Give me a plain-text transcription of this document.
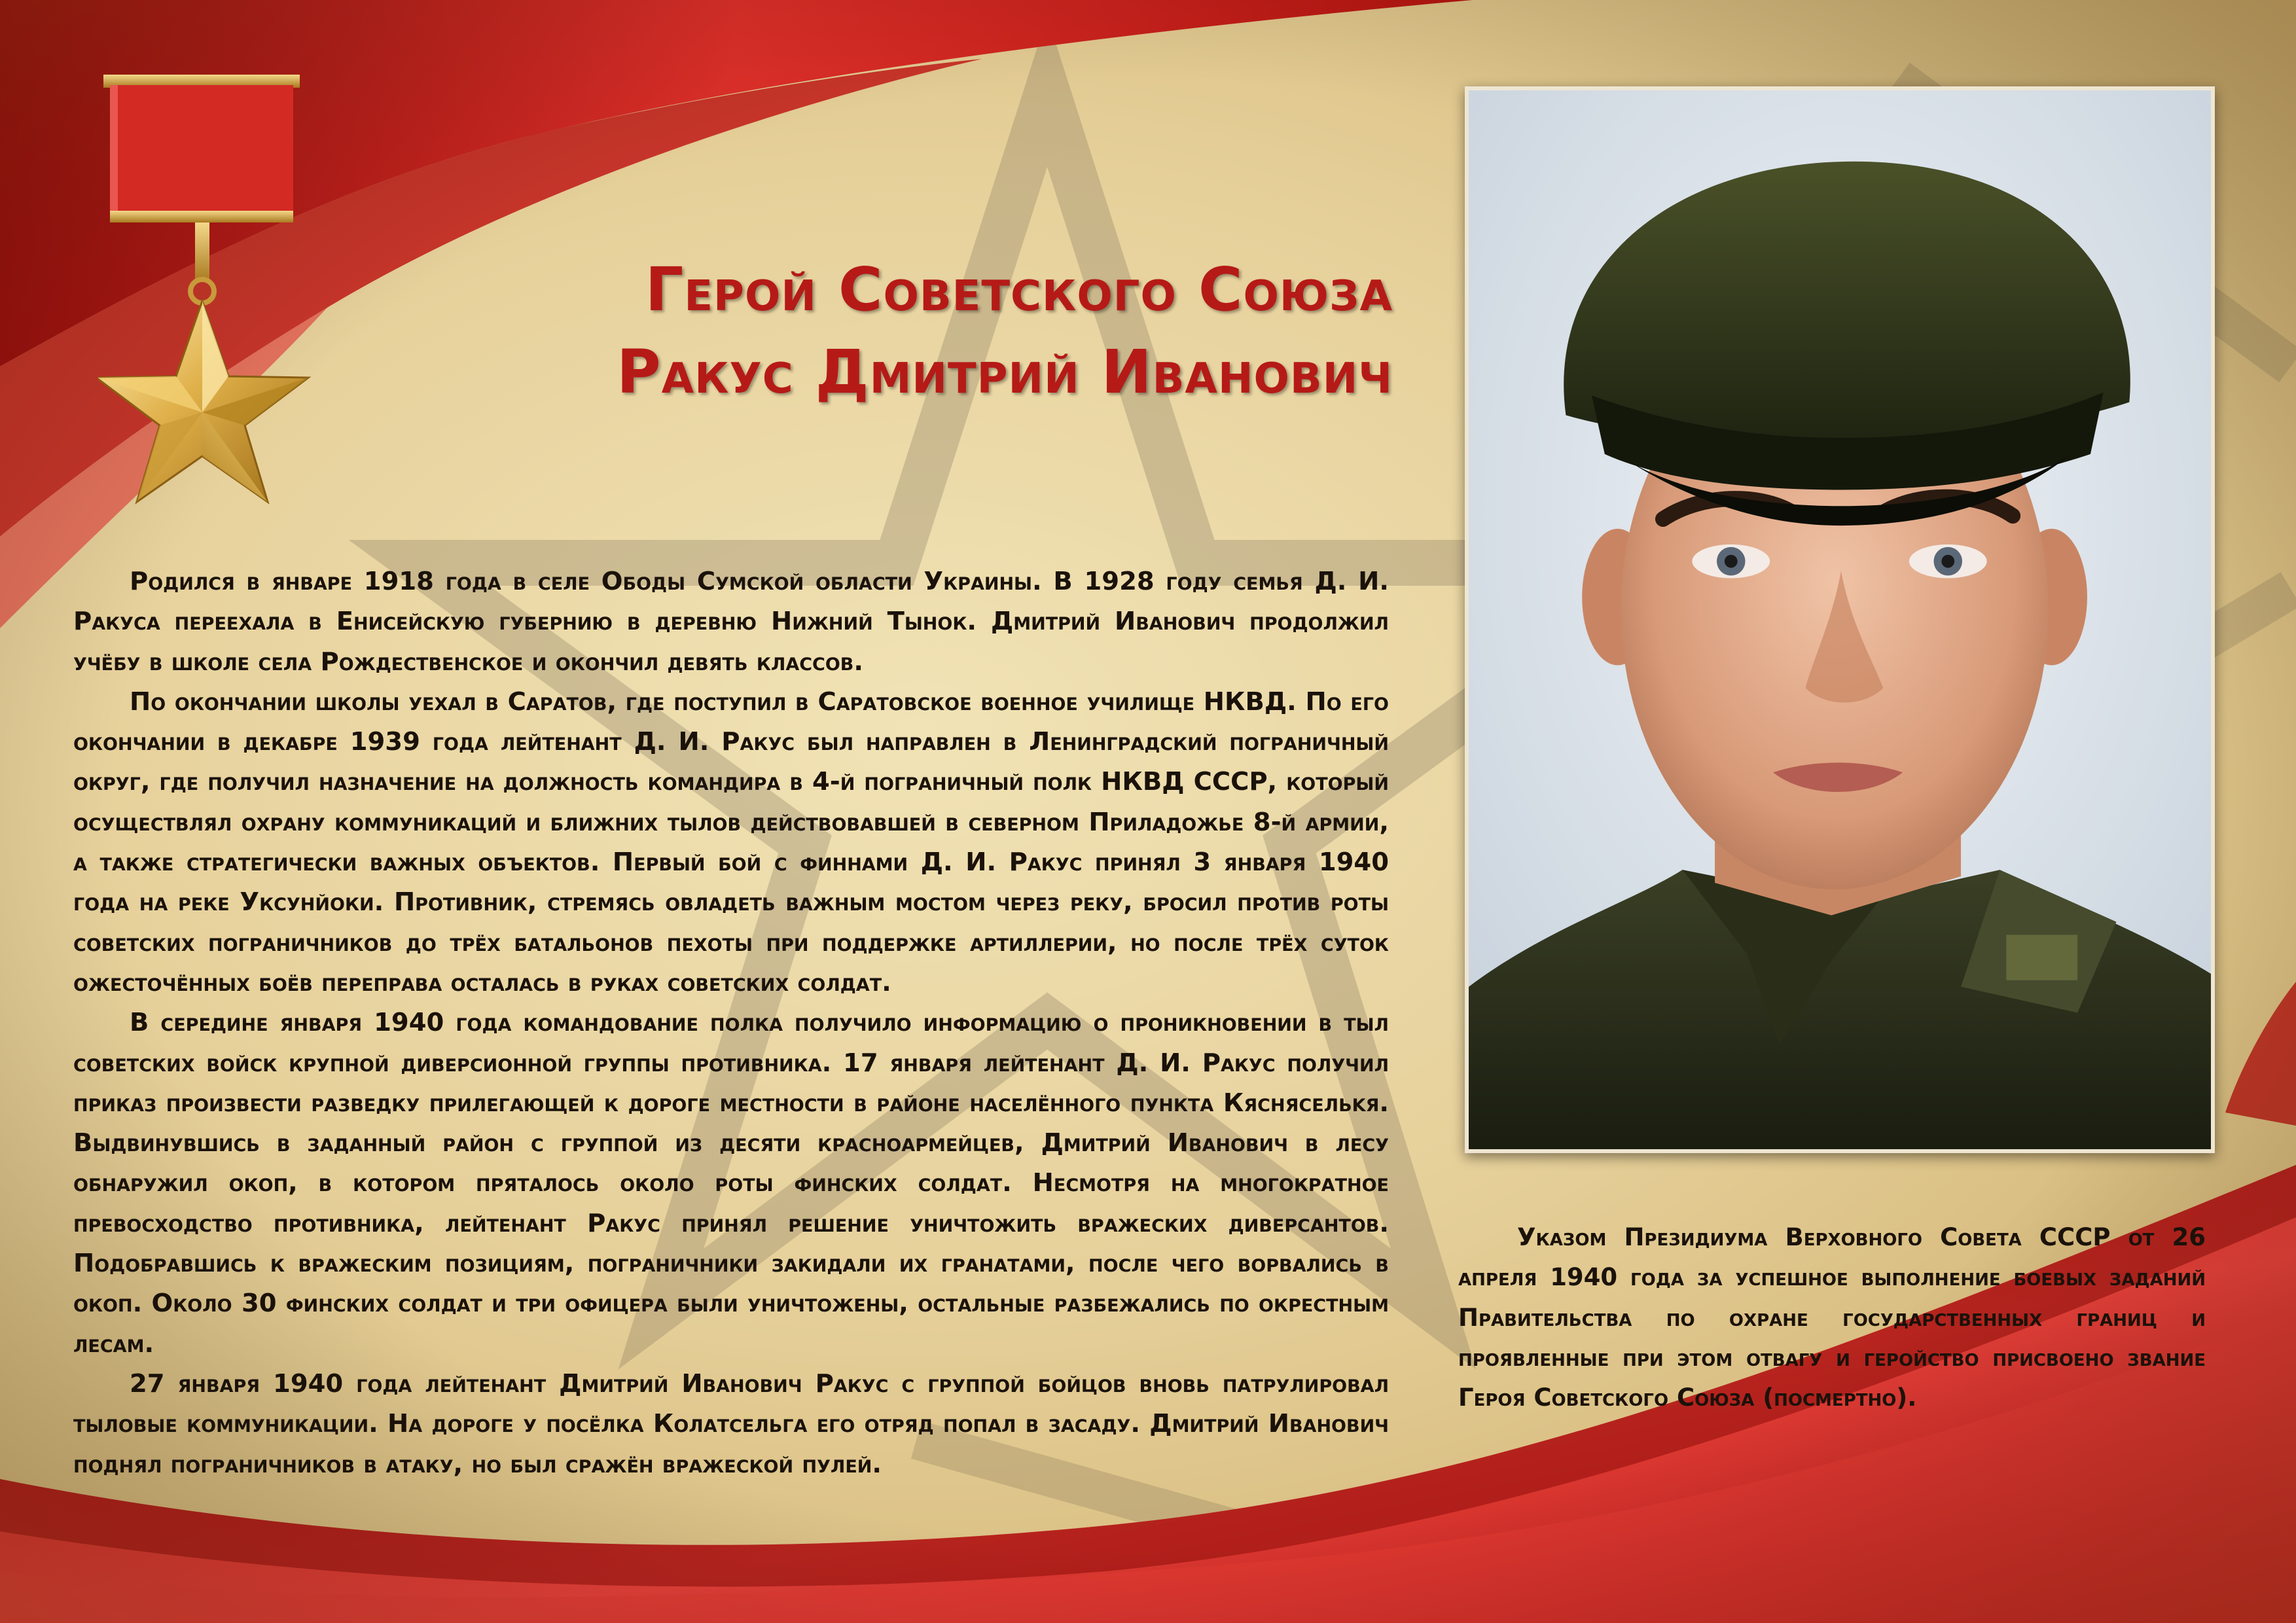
Герой Советского Союза
Ракус Дмитрий Иванович

Родился в январе 1918 года в селе Ободы Сумской области Украины. В 1928 году семья Д. И. Ракуса переехала в Енисейскую губернию в деревню Нижний Тынок. Дмитрий Иванович продолжил учёбу в школе села Рождественское и окончил девять классов.

По окончании школы уехал в Саратов, где поступил в Саратовское военное училище НКВД. По его окончании в декабре 1939 года лейтенант Д. И. Ракус был направлен в Ленинградский пограничный округ, где получил назначение на должность командира в 4-й пограничный полк НКВД СССР, который осуществлял охрану коммуникаций и ближних тылов действовавшей в северном Приладожье 8-й армии, а также стратегически важных объектов. Первый бой с финнами Д. И. Ракус принял 3 января 1940 года на реке Уксунйоки. Противник, стремясь овладеть важным мостом через реку, бросил против роты советских пограничников до трёх батальонов пехоты при поддержке артиллерии, но после трёх суток ожесточённых боёв переправа осталась в руках советских солдат.

В середине января 1940 года командование полка получило информацию о проникновении в тыл советских войск крупной диверсионной группы противника. 17 января лейтенант Д. И. Ракус получил приказ произвести разведку прилегающей к дороге местности в районе населённого пункта Кяснясельkя. Выдвинувшись в заданный район с группой из десяти красноармейцев, Дмитрий Иванович в лесу обнаружил окоп, в котором пряталось около роты финских солдат. Несмотря на многократное превосходство противника, лейтенант Ракус принял решение уничтожить вражеских диверсантов. Подобравшись к вражеским позициям, пограничники закидали их гранатами, после чего ворвались в окоп. Около 30 финских солдат и три офицера были уничтожены, остальные разбежались по окрестным лесам.

27 января 1940 года лейтенант Дмитрий Иванович Ракус с группой бойцов вновь патрулировал тыловые коммуникации. На дороге у посёлка Колатсельга его отряд попал в засаду. Дмитрий Иванович поднял пограничников в атаку, но был сражён вражеской пулей.

Указом Президиума Верховного Совета СССР от 26 апреля 1940 года за успешное выполнение боевых заданий Правительства по охране государственных границ и проявленные при этом отвагу и геройство присвоено звание Героя Советского Союза (посмертно).
